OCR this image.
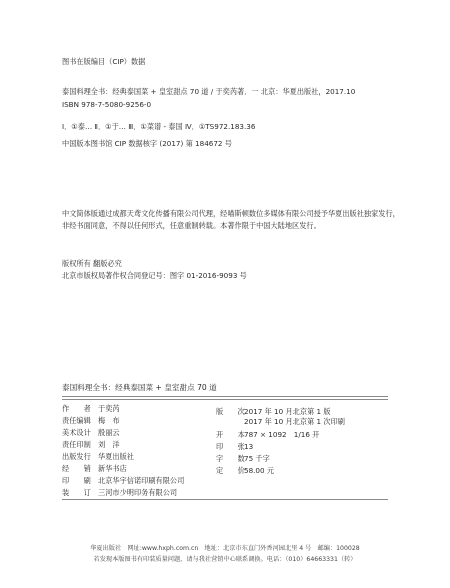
图书在版编目（CIP）数据
泰国料理全书：经典泰国菜 + 皇室甜点 70 道 / 于奕芮著．一 北京：华夏出版社，2017.10
ISBN 978-7-5080-9256-0
Ⅰ．①泰… Ⅱ．①于… Ⅲ．①菜谱 - 泰国 Ⅳ．①TS972.183.36
中国版本图书馆 CIP 数据核字 (2017) 第 184672 号
中文简体版通过成都天鸢文化传播有限公司代理，经喵斯顿数位多媒体有限公司授予华夏出版社独家发行，非经书面同意，不得以任何形式，任意重制转载。本著作限于中国大陆地区发行。
版权所有 翻版必究
北京市版权局著作权合同登记号：图字 01-2016-9093 号
泰国料理全书：经典泰国菜 + 皇室甜点 70 道
作　　者 于奕芮
责任编辑 梅　布
美术设计 殷丽云
责任印制 刘　洋
出版发行 华夏出版社
经　　销 新华书店
印　　刷 北京华宇信诺印刷有限公司
装　　订 三河市少明印务有限公司
版　　次2017 年 10 月北京第 1 版
2017 年 10 月北京第 1 次印刷
开　　本787 × 1092　1/16 开
印　　张13
字　　数75 千字
定　　价58.00 元
华夏出版社　网址:www.hxph.com.cn　地址：北京市东直门外香河园北里 4 号　邮编：100028
若发现本版图书有印装质量问题，请与我社营销中心联系调换。电话：（010）64663331（转）
